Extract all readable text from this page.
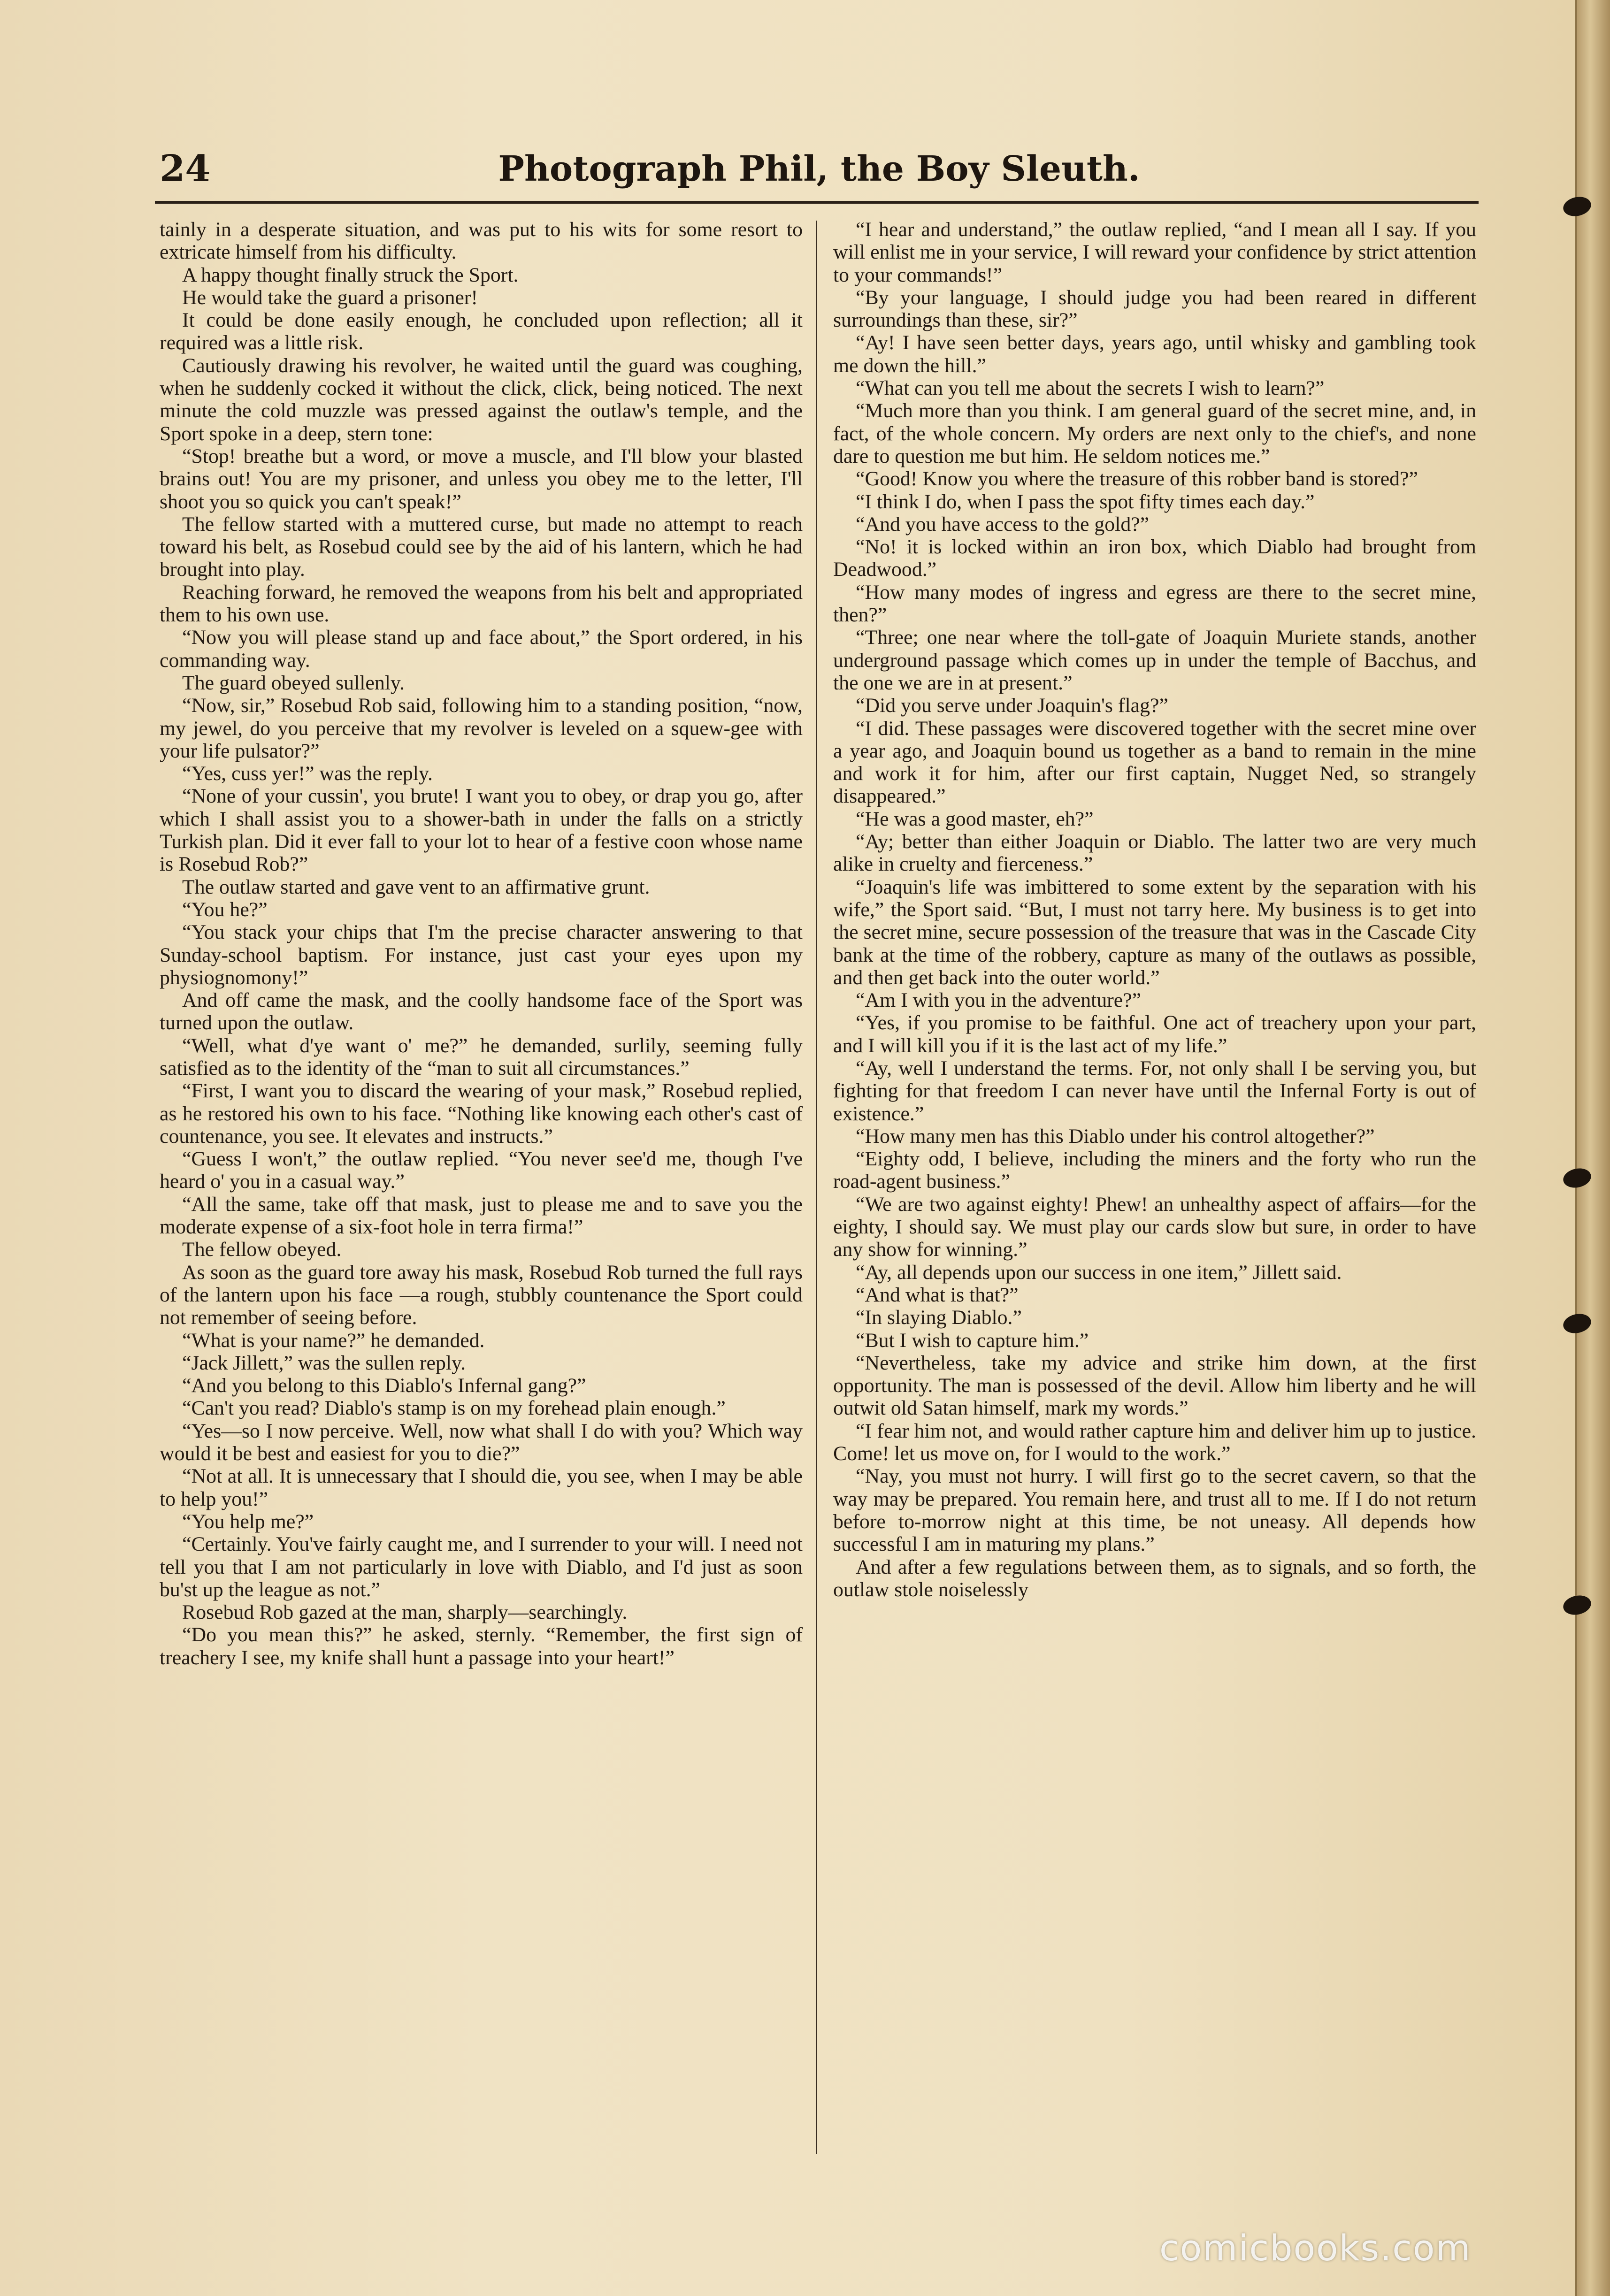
24	Photograph Phil, the Boy Sleuth.

tainly in a desperate situation, and was put to his wits for some resort to extricate himself from his difficulty.

A happy thought finally struck the Sport.

He would take the guard a prisoner!

It could be done easily enough, he concluded upon reflection; all it required was a little risk.

Cautiously drawing his revolver, he waited until the guard was coughing, when he suddenly cocked it without the click, click, being noticed. The next minute the cold muzzle was pressed against the outlaw's temple, and the Sport spoke in a deep, stern tone:

“Stop! breathe but a word, or move a muscle, and I'll blow your blasted brains out! You are my prisoner, and unless you obey me to the letter, I'll shoot you so quick you can't speak!”

The fellow started with a muttered curse, but made no attempt to reach toward his belt, as Rosebud could see by the aid of his lantern, which he had brought into play.

Reaching forward, he removed the weapons from his belt and appropriated them to his own use.

“Now you will please stand up and face about,” the Sport ordered, in his commanding way.

The guard obeyed sullenly.

“Now, sir,” Rosebud Rob said, following him to a standing position, “now, my jewel, do you perceive that my revolver is leveled on a squew-gee with your life pulsator?”

“Yes, cuss yer!” was the reply.

“None of your cussin', you brute! I want you to obey, or drap you go, after which I shall assist you to a shower-bath in under the falls on a strictly Turkish plan. Did it ever fall to your lot to hear of a festive coon whose name is Rosebud Rob?”

The outlaw started and gave vent to an affirmative grunt.

“You he?”

“You stack your chips that I'm the precise character answering to that Sunday-school baptism. For instance, just cast your eyes upon my physiognomony!”

And off came the mask, and the coolly handsome face of the Sport was turned upon the outlaw.

“Well, what d'ye want o' me?” he demanded, surlily, seeming fully satisfied as to the identity of the “man to suit all circumstances.”

“First, I want you to discard the wearing of your mask,” Rosebud replied, as he restored his own to his face. “Nothing like knowing each other's cast of countenance, you see. It elevates and instructs.”

“Guess I won't,” the outlaw replied. “You never see'd me, though I've heard o' you in a casual way.”

“All the same, take off that mask, just to please me and to save you the moderate expense of a six-foot hole in terra firma!”

The fellow obeyed.

As soon as the guard tore away his mask, Rosebud Rob turned the full rays of the lantern upon his face —a rough, stubbly countenance the Sport could not remember of seeing before.

“What is your name?” he demanded.

“Jack Jillett,” was the sullen reply.

“And you belong to this Diablo's Infernal gang?”

“Can't you read? Diablo's stamp is on my forehead plain enough.”

“Yes—so I now perceive. Well, now what shall I do with you? Which way would it be best and easiest for you to die?”

“Not at all. It is unnecessary that I should die, you see, when I may be able to help you!”

“You help me?”

“Certainly. You've fairly caught me, and I surrender to your will. I need not tell you that I am not particularly in love with Diablo, and I'd just as soon bu'st up the league as not.”

Rosebud Rob gazed at the man, sharply—searchingly.

“Do you mean this?” he asked, sternly. “Remember, the first sign of treachery I see, my knife shall hunt a passage into your heart!”

“I hear and understand,” the outlaw replied, “and I mean all I say. If you will enlist me in your service, I will reward your confidence by strict attention to your commands!”

“By your language, I should judge you had been reared in different surroundings than these, sir?”

“Ay! I have seen better days, years ago, until whisky and gambling took me down the hill.”

“What can you tell me about the secrets I wish to learn?”

“Much more than you think. I am general guard of the secret mine, and, in fact, of the whole concern. My orders are next only to the chief's, and none dare to question me but him. He seldom notices me.”

“Good! Know you where the treasure of this robber band is stored?”

“I think I do, when I pass the spot fifty times each day.”

“And you have access to the gold?”

“No! it is locked within an iron box, which Diablo had brought from Deadwood.”

“How many modes of ingress and egress are there to the secret mine, then?”

“Three; one near where the toll-gate of Joaquin Muriete stands, another underground passage which comes up in under the temple of Bacchus, and the one we are in at present.”

“Did you serve under Joaquin's flag?”

“I did. These passages were discovered together with the secret mine over a year ago, and Joaquin bound us together as a band to remain in the mine and work it for him, after our first captain, Nugget Ned, so strangely disappeared.”

“He was a good master, eh?”

“Ay; better than either Joaquin or Diablo. The latter two are very much alike in cruelty and fierceness.”

“Joaquin's life was imbittered to some extent by the separation with his wife,” the Sport said. “But, I must not tarry here. My business is to get into the secret mine, secure possession of the treasure that was in the Cascade City bank at the time of the robbery, capture as many of the outlaws as possible, and then get back into the outer world.”

“Am I with you in the adventure?”

“Yes, if you promise to be faithful. One act of treachery upon your part, and I will kill you if it is the last act of my life.”

“Ay, well I understand the terms. For, not only shall I be serving you, but fighting for that freedom I can never have until the Infernal Forty is out of existence.”

“How many men has this Diablo under his control altogether?”

“Eighty odd, I believe, including the miners and the forty who run the road-agent business.”

“We are two against eighty! Phew! an unhealthy aspect of affairs—for the eighty, I should say. We must play our cards slow but sure, in order to have any show for winning.”

“Ay, all depends upon our success in one item,” Jillett said.

“And what is that?”

“In slaying Diablo.”

“But I wish to capture him.”

“Nevertheless, take my advice and strike him down, at the first opportunity. The man is possessed of the devil. Allow him liberty and he will outwit old Satan himself, mark my words.”

“I fear him not, and would rather capture him and deliver him up to justice. Come! let us move on, for I would to the work.”

“Nay, you must not hurry. I will first go to the secret cavern, so that the way may be prepared. You remain here, and trust all to me. If I do not return before to-morrow night at this time, be not uneasy. All depends how successful I am in maturing my plans.”

And after a few regulations between them, as to signals, and so forth, the outlaw stole noiselessly

comicbooks.com
